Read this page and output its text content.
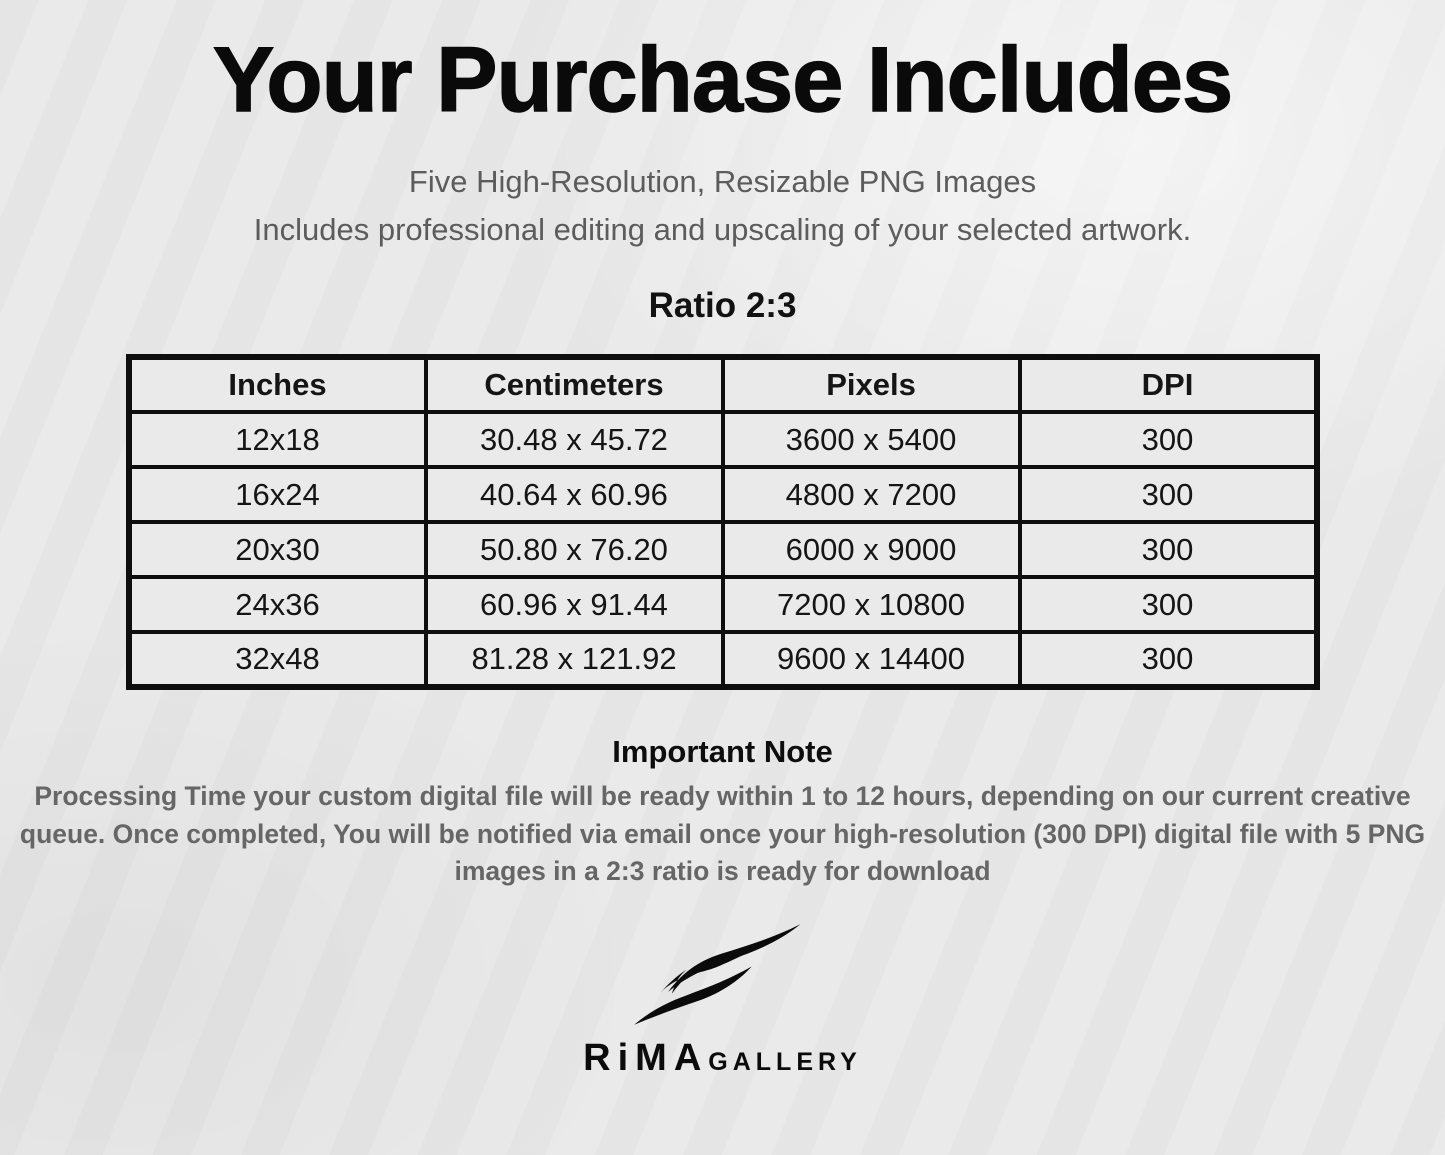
Your Purchase Includes
Five High-Resolution, Resizable PNG Images
Includes professional editing and upscaling of your selected artwork.
Ratio 2:3
Inches	Centimeters	Pixels	DPI
12x18	30.48 x 45.72	3600 x 5400	300
16x24	40.64 x 60.96	4800 x 7200	300
20x30	50.80 x 76.20	6000 x 9000	300
24x36	60.96 x 91.44	7200 x 10800	300
32x48	81.28 x 121.92	9600 x 14400	300
Important Note

Processing Time your custom digital file will be ready within 1 to 12 hours, depending on our current creative queue. Once completed, You will be notified via email once your high-resolution (300 DPI) digital file with 5 PNG images in a 2:3 ratio is ready for download

RiMA GALLERY
